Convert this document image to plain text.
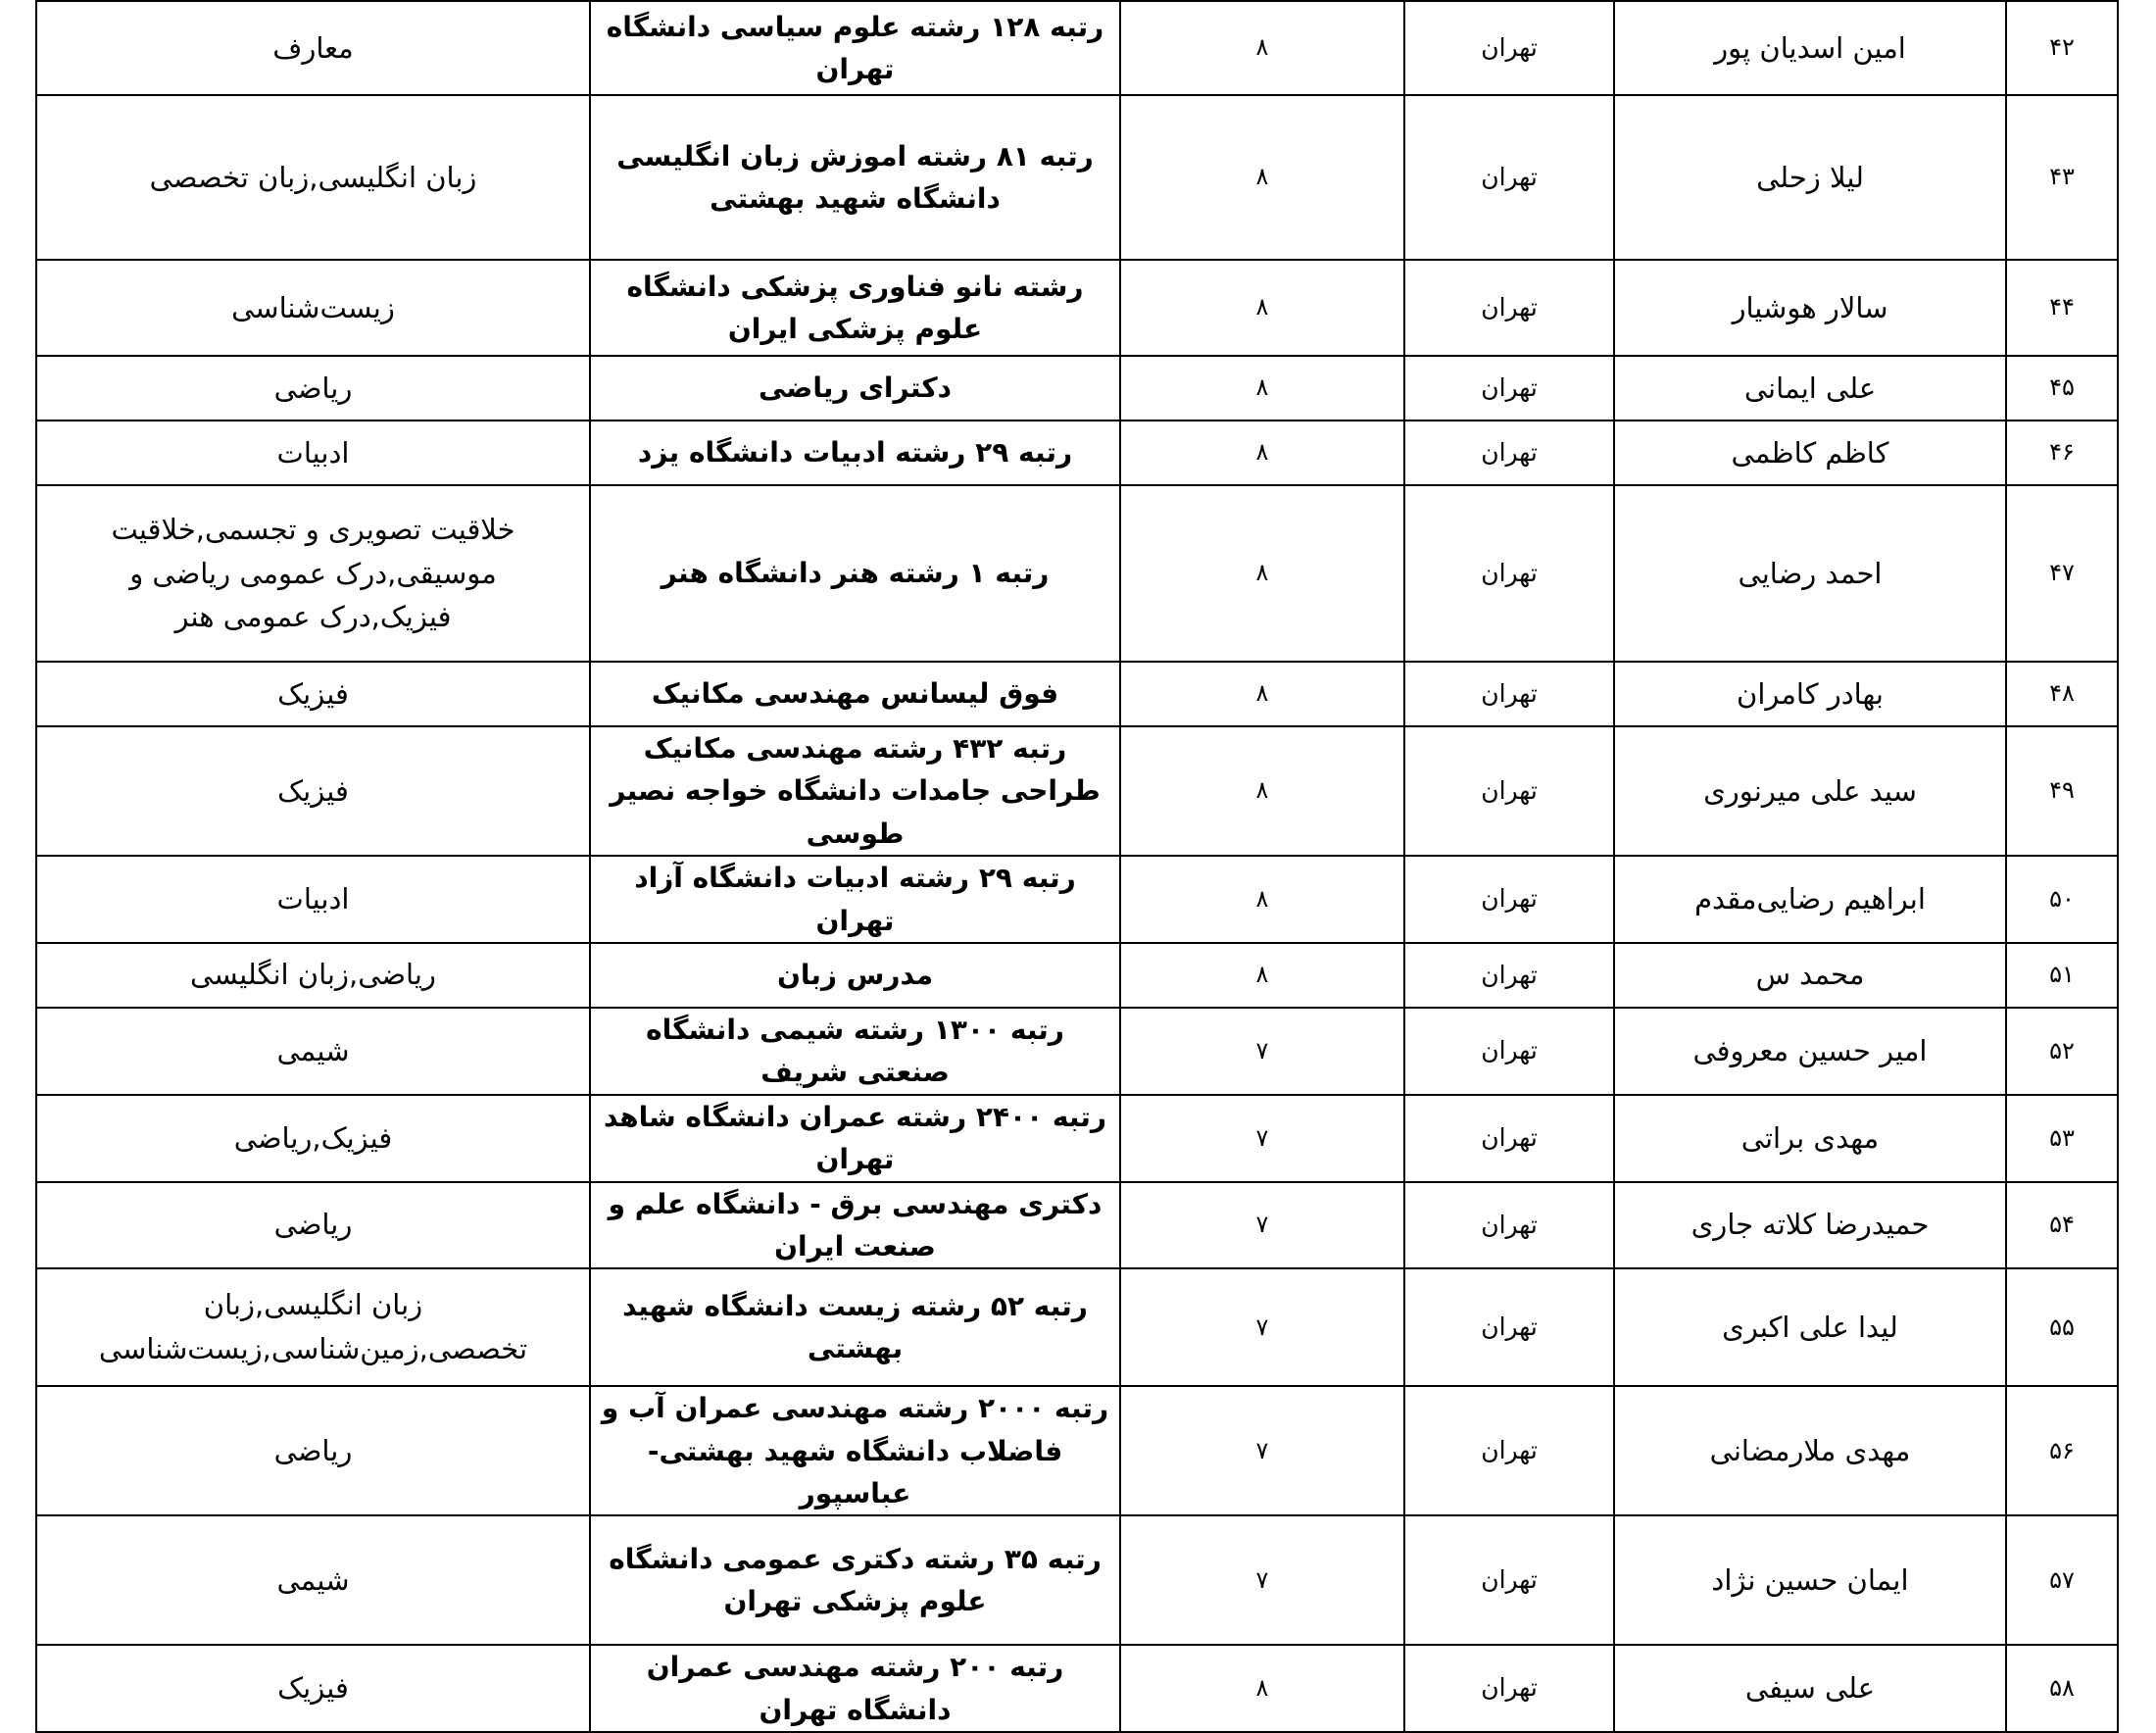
۴۲	امین اسدیان پور	تهران	۸	رتبه ۱۲۸ رشته علوم سیاسی دانشگاه تهران	معارف
۴۳	لیلا زحلی	تهران	۸	رتبه ۸۱ رشته اموزش زبان انگلیسی دانشگاه شهید بهشتی	زبان انگلیسی,زبان تخصصی
۴۴	سالار هوشیار	تهران	۸	رشته نانو فناوری پزشکی دانشگاه علوم پزشکی ایران	زیست‌شناسی
۴۵	علی ایمانی	تهران	۸	دکترای ریاضی	ریاضی
۴۶	کاظم کاظمی	تهران	۸	رتبه ۲۹ رشته ادبیات دانشگاه یزد	ادبیات
۴۷	احمد رضایی	تهران	۸	رتبه ۱ رشته هنر دانشگاه هنر	خلاقیت تصویری و تجسمی,خلاقیت موسیقی,درک عمومی ریاضی و فیزیک,درک عمومی هنر

۴۸	بهادر کامران	تهران	۸	فوق لیسانس مهندسی مکانیک	فیزیک
۴۹	سید علی میرنوری	تهران	۸	رتبه ۴۳۲ رشته مهندسی مکانیک طراحی جامدات دانشگاه خواجه نصیر طوسی	فیزیک
۵۰	ابراهیم رضایی‌مقدم	تهران	۸	رتبه ۲۹ رشته ادبیات دانشگاه آزاد تهران	ادبیات
۵۱	محمد س	تهران	۸	مدرس زبان	ریاضی,زبان انگلیسی
۵۲	امیر حسین معروفی	تهران	۷	رتبه ۱۳۰۰ رشته شیمی دانشگاه صنعتی شریف	شیمی
۵۳	مهدی براتی	تهران	۷	رتبه ۲۴۰۰ رشته عمران دانشگاه شاهد تهران	فیزیک,ریاضی
۵۴	حمیدرضا کلاته جاری	تهران	۷	دکتری مهندسی برق - دانشگاه علم و صنعت ایران	ریاضی
۵۵	لیدا علی اکبری	تهران	۷	رتبه ۵۲ رشته زیست دانشگاه شهید بهشتی	زبان انگلیسی,زبان تخصصی,زمین‌شناسی,زیست‌شناسی

۵۶	مهدی ملارمضانی	تهران	۷	رتبه ۲۰۰۰ رشته مهندسی عمران آب و فاضلاب دانشگاه شهید بهشتی-عباسپور	ریاضی
۵۷	ایمان حسین نژاد	تهران	۷	رتبه ۳۵ رشته دکتری عمومی دانشگاه علوم پزشکی تهران	شیمی
۵۸	علی سیفی	تهران	۸	رتبه ۲۰۰ رشته مهندسی عمران دانشگاه تهران	فیزیک
